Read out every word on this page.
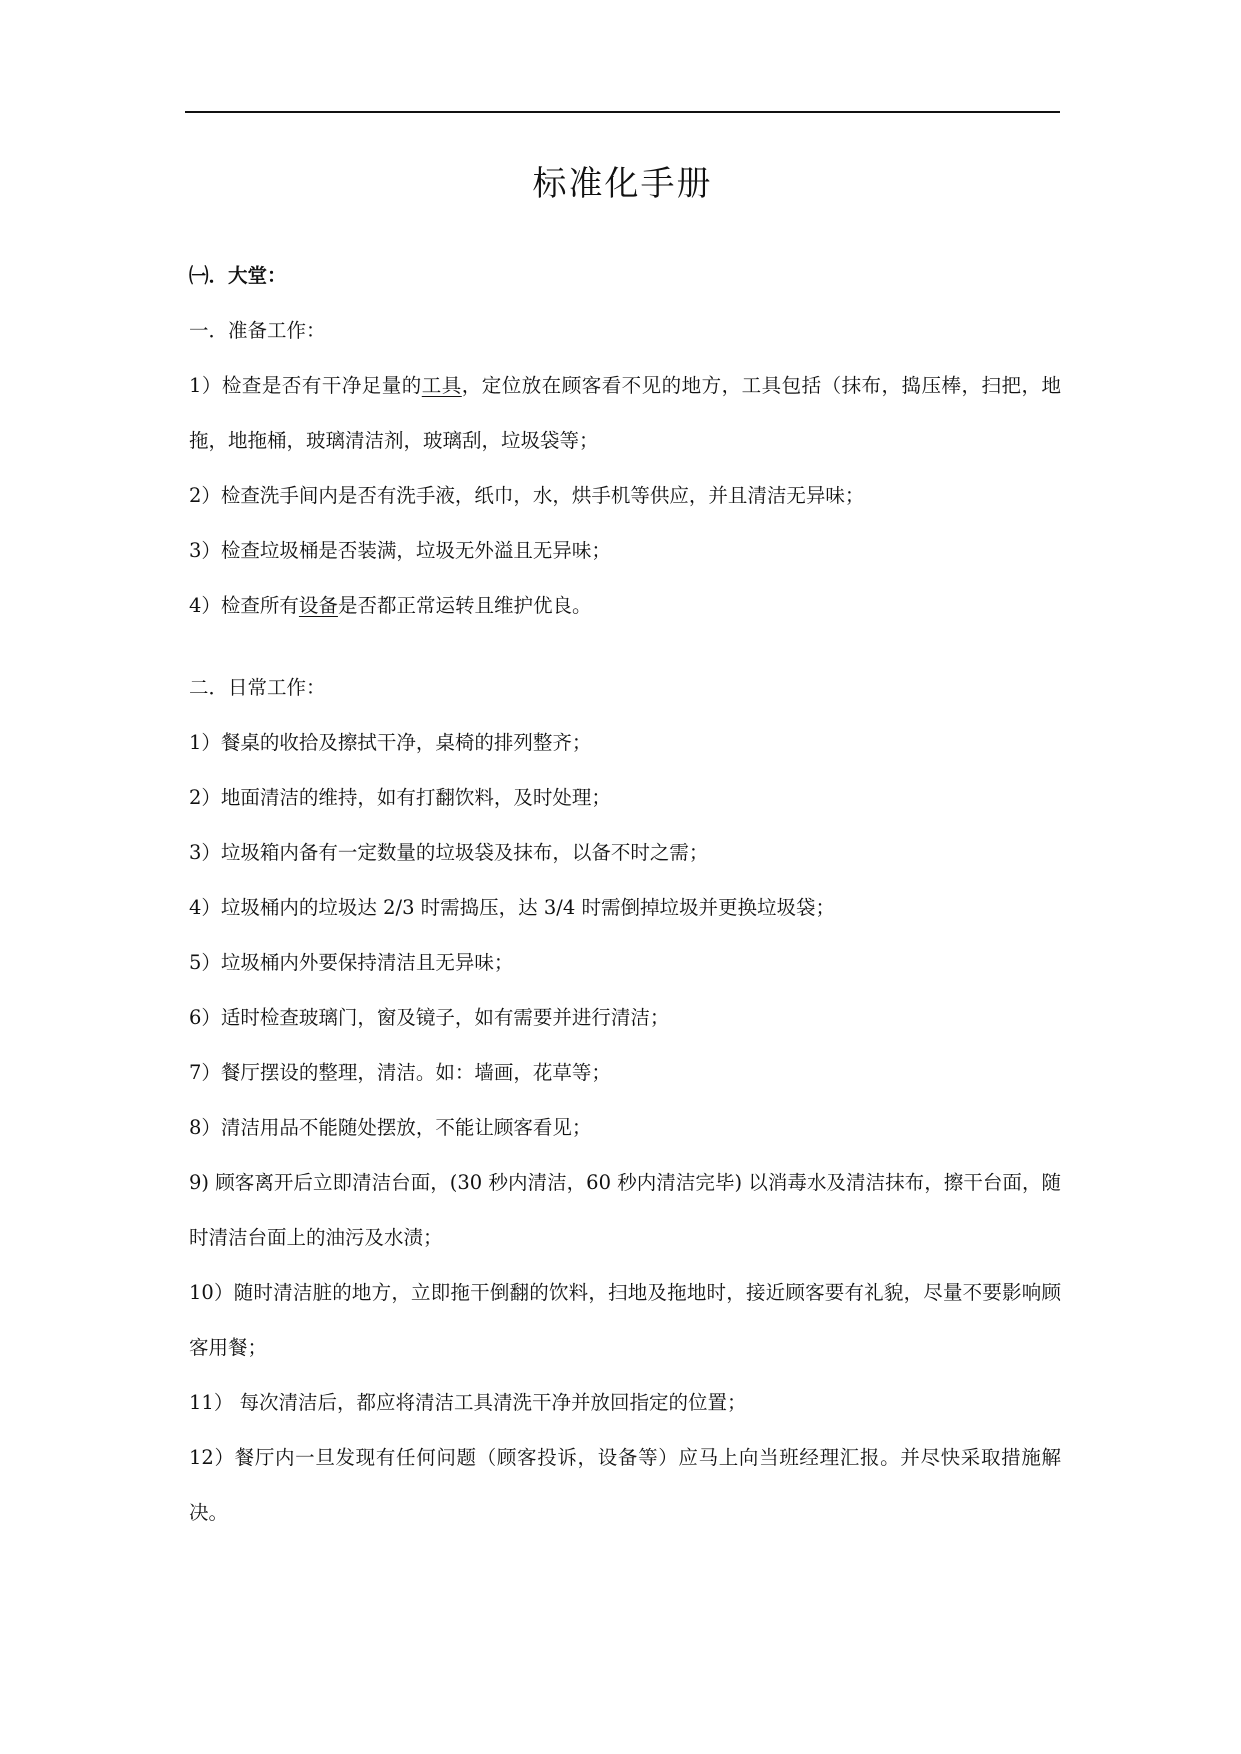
标准化手册

㈠．大堂：

一．准备工作：

1）检查是否有干净足量的工具，定位放在顾客看不见的地方，工具包括（抹布，捣压棒，扫把，地拖，地拖桶，玻璃清洁剂，玻璃刮，垃圾袋等；

2）检查洗手间内是否有洗手液，纸巾，水，烘手机等供应，并且清洁无异味；

3）检查垃圾桶是否装满，垃圾无外溢且无异味；

4）检查所有设备是否都正常运转且维护优良。

二．日常工作：

1）餐桌的收拾及擦拭干净，桌椅的排列整齐；

2）地面清洁的维持，如有打翻饮料，及时处理；

3）垃圾箱内备有一定数量的垃圾袋及抹布，以备不时之需；

4）垃圾桶内的垃圾达 2/3 时需捣压，达 3/4 时需倒掉垃圾并更换垃圾袋；

5）垃圾桶内外要保持清洁且无异味；

6）适时检查玻璃门，窗及镜子，如有需要并进行清洁；

7）餐厅摆设的整理，清洁。如：墙画，花草等；

8）清洁用品不能随处摆放，不能让顾客看见；

9) 顾客离开后立即清洁台面，(30 秒内清洁，60 秒内清洁完毕) 以消毒水及清洁抹布，擦干台面，随时清洁台面上的油污及水渍；

10）随时清洁脏的地方，立即拖干倒翻的饮料，扫地及拖地时，接近顾客要有礼貌，尽量不要影响顾客用餐；

11） 每次清洁后，都应将清洁工具清洗干净并放回指定的位置；

12）餐厅内一旦发现有任何问题（顾客投诉，设备等）应马上向当班经理汇报。并尽快采取措施解决。
